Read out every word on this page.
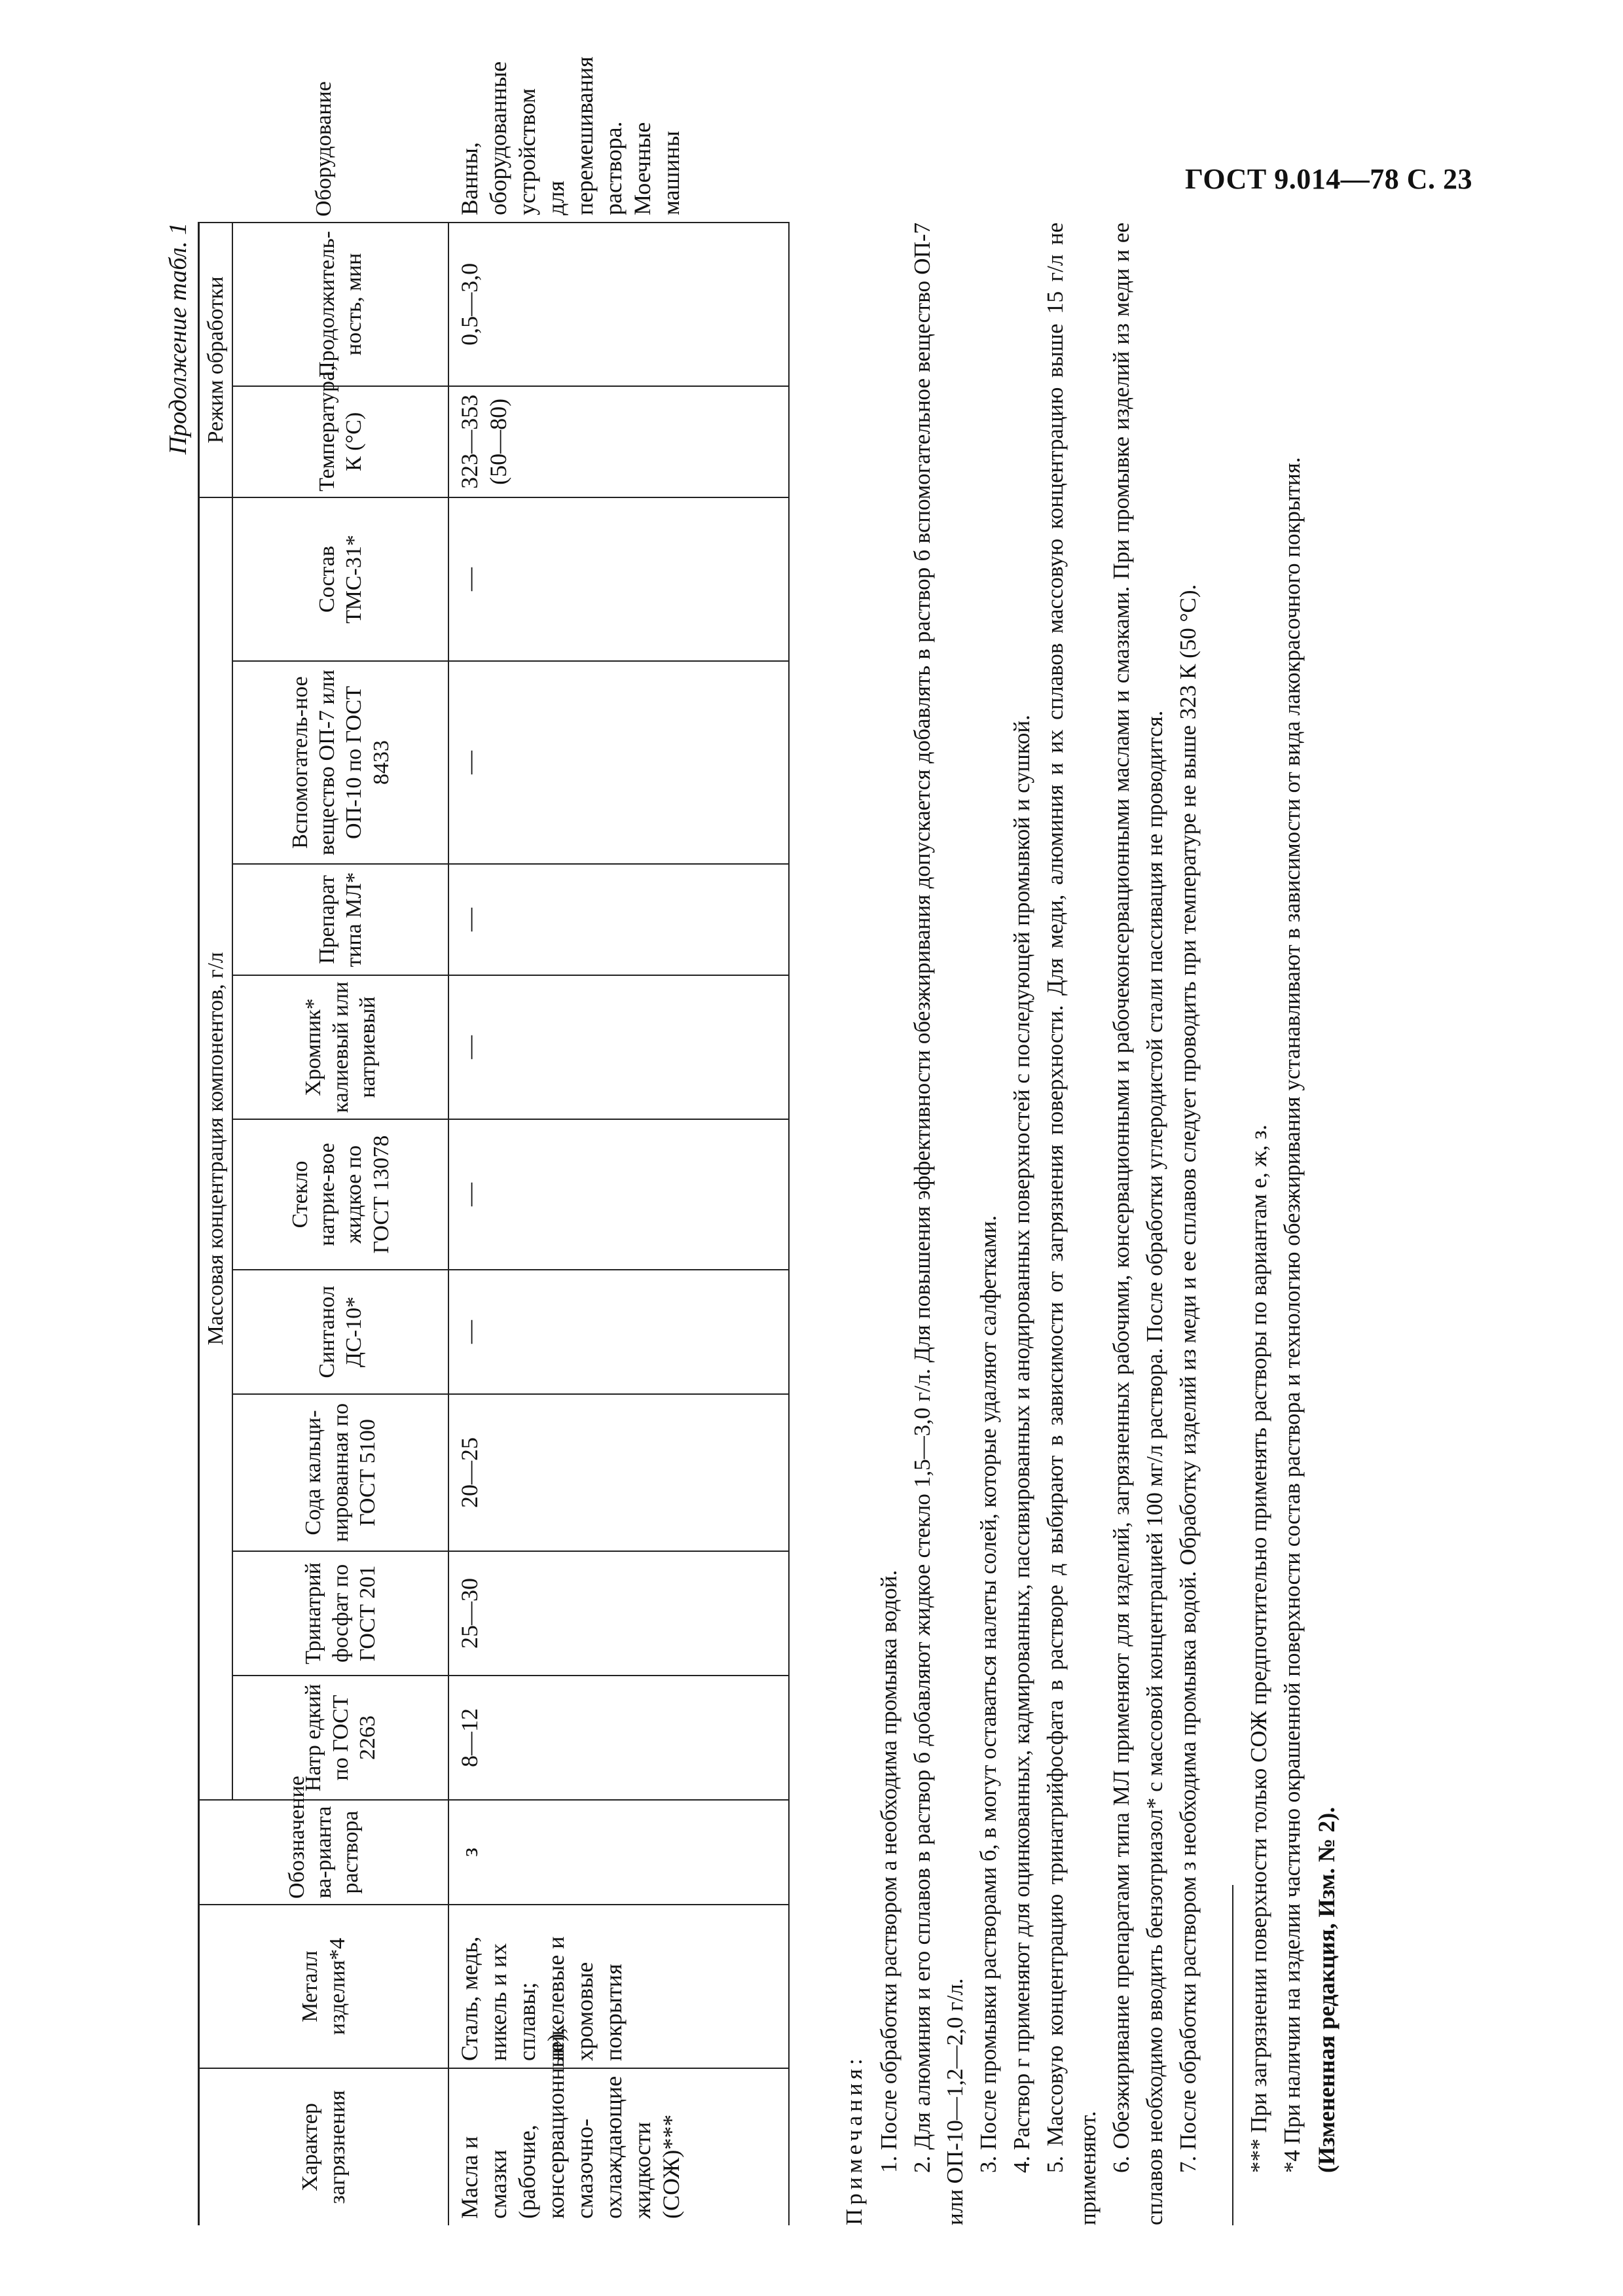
ГОСТ 9.014—78 С. 23
Продолжение табл. 1
Характер загрязнения	Металл изделия*4	Обозначение ва-рианта раствора	Массовая концентрация компонентов, г/л									Режим обработки		Оборудование
			Натр едкий по ГОСТ 2263	Тринатрий фосфат по ГОСТ 201	Сода кальци-нированная по ГОСТ 5100	Синтанол ДС-10*	Стекло натрие-вое жидкое по ГОСТ 13078	Хромпик* калиевый или натриевый	Препарат типа МЛ*	Вспомогатель-ное вещество ОП-7 или ОП-10 по ГОСТ 8433	Состав ТМС-31*	Температура, К (°С)	Продолжитель-ность, мин	
Масла и смазки (рабочие, консервационные), смазочно-охлаждающие жидкости (СОЖ)***	Сталь, медь, никель и их сплавы; никелевые и хромовые покрытия	з	8—12	25—30	20—25	—	—	—	—	—	—	323—353 (50—80)	0,5—3,0	Ванны, оборудованные устройством для перемешивания раствора. Моечные машины

Примечания: 1. После обработки раствором а необходима промывка водой. 2. Для алюминия и его сплавов в раствор б добавляют жидкое стекло 1,5—3,0 г/л. Для повышения эффективности обезжиривания допускается добавлять в раствор б вспомогательное вещество ОП-7 или ОП-10—1,2—2,0 г/л. 3. После промывки растворами б, в могут оставаться налеты солей, которые удаляют салфетками. 4. Раствор г применяют для оцинкованных, кадмированных, пассивированных и анодированных поверхностей с последующей промывкой и сушкой. 5. Массовую концентрацию тринатрийфосфата в растворе д выбирают в зависимости от загрязнения поверхности. Для меди, алюминия и их сплавов массовую концентрацию выше 15 г/л не применяют. 6. Обезжиривание препаратами типа МЛ применяют для изделий, загрязненных рабочими, консервационными и рабочеконсервационными маслами и смазками. При промывке изделий из меди и ее сплавов необходимо вводить бензотриазол* с массовой концентрацией 100 мг/л раствора. После обработки углеродистой стали пассивация не проводится. 7. После обработки раствором з необходима промывка водой. Обработку изделий из меди и ее сплавов следует проводить при температуре не выше 323 К (50 °С). *** При загрязнении поверхности только СОЖ предпочтительно применять растворы по вариантам е, ж, з. *4 При наличии на изделии частично окрашенной поверхности состав раствора и технологию обезжиривания устанавливают в зависимости от вида лакокрасочного покрытия. (Измененная редакция, Изм. № 2).
